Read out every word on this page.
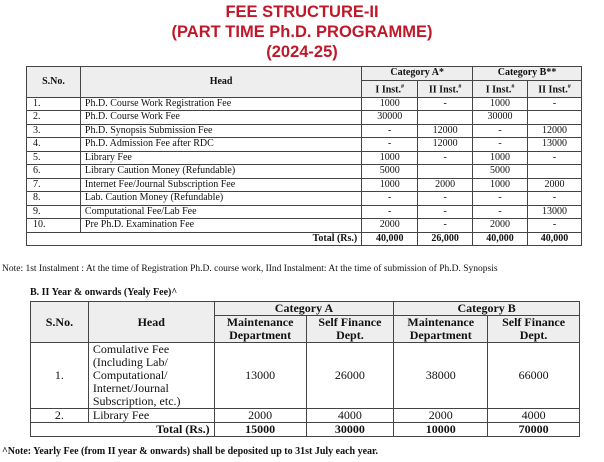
FEE STRUCTURE-II
(PART TIME Ph.D. PROGRAMME)
(2024-25)
S.No.	Head	Category A*		Category B**	
		I Inst.#	II Inst.#	I Inst.#	II Inst.#
1.	Ph.D. Course Work Registration Fee	1000	-	1000	-
2.	Ph.D. Course Work Fee	30000		30000	
3.	Ph.D. Synopsis Submission Fee	-	12000	-	12000
4.	Ph.D. Admission Fee after RDC	-	12000	-	13000
5.	Library Fee	1000	-	1000	-
6.	Library Caution Money (Refundable)	5000		5000	
7.	Internet Fee/Journal Subscription Fee	1000	2000	1000	2000
8.	Lab. Caution Money (Refundable)	-	-	-	-
9.	Computational Fee/Lab Fee	-	-	-	13000
10.	Pre Ph.D. Examination Fee	2000	-	2000	-
Total (Rs.)		40,000	26,000	40,000	40,000
Note: 1st Instalment : At the time of Registration Ph.D. course work, IInd Instalment: At the time of submission of Ph.D. Synopsis
B. II Year & onwards (Yealy Fee)^
S.No.	Head	Category A		Category B	
		Maintenance Department	Self Finance Dept.	Maintenance Department	Self Finance Dept.
1.	Comulative Fee (Including Lab/ Computational/ Internet/Journal Subscription, etc.)	13000	26000	38000	66000
2.	Library Fee	2000	4000	2000	4000
Total (Rs.)		15000	30000	10000	70000
^Note: Yearly Fee (from II year & onwards) shall be deposited up to 31st July each year.
